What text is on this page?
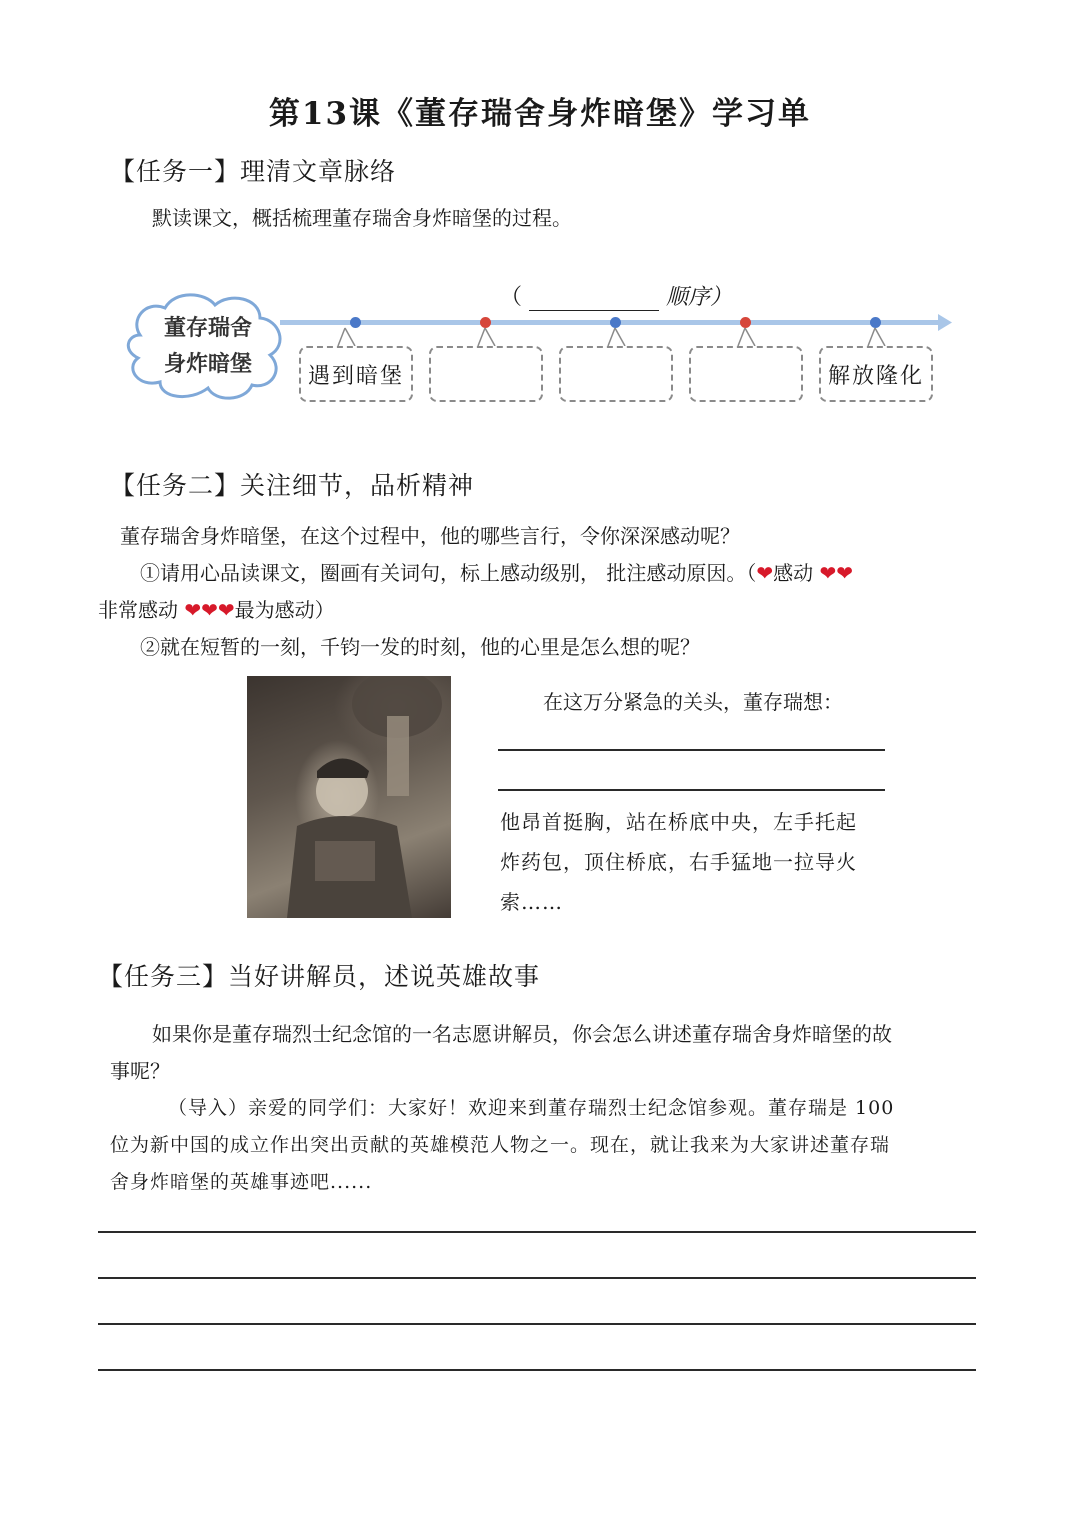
第13课《董存瑞舍身炸暗堡》学习单
【任务一】理清文章脉络
默读课文，概括梳理董存瑞舍身炸暗堡的过程。
（	顺序）
董存瑞舍
身炸暗堡	遇到暗堡	解放隆化
【任务二】关注细节，品析精神
董存瑞舍身炸暗堡，在这个过程中，他的哪些言行，令你深深感动呢？
①请用心品读课文，圈画有关词句，标上感动级别， 批注感动原因。（❤感动 ❤❤
非常感动 ❤❤❤最为感动）
②就在短暂的一刻，千钧一发的时刻，他的心里是怎么想的呢？
在这万分紧急的关头，董存瑞想：
他昂首挺胸，站在桥底中央，左手托起
炸药包，顶住桥底，右手猛地一拉导火
索……
【任务三】当好讲解员，述说英雄故事
如果你是董存瑞烈士纪念馆的一名志愿讲解员，你会怎么讲述董存瑞舍身炸暗堡的故
事呢？
（导入）亲爱的同学们：大家好！欢迎来到董存瑞烈士纪念馆参观。董存瑞是 100
位为新中国的成立作出突出贡献的英雄模范人物之一。现在，就让我来为大家讲述董存瑞
舍身炸暗堡的英雄事迹吧......
